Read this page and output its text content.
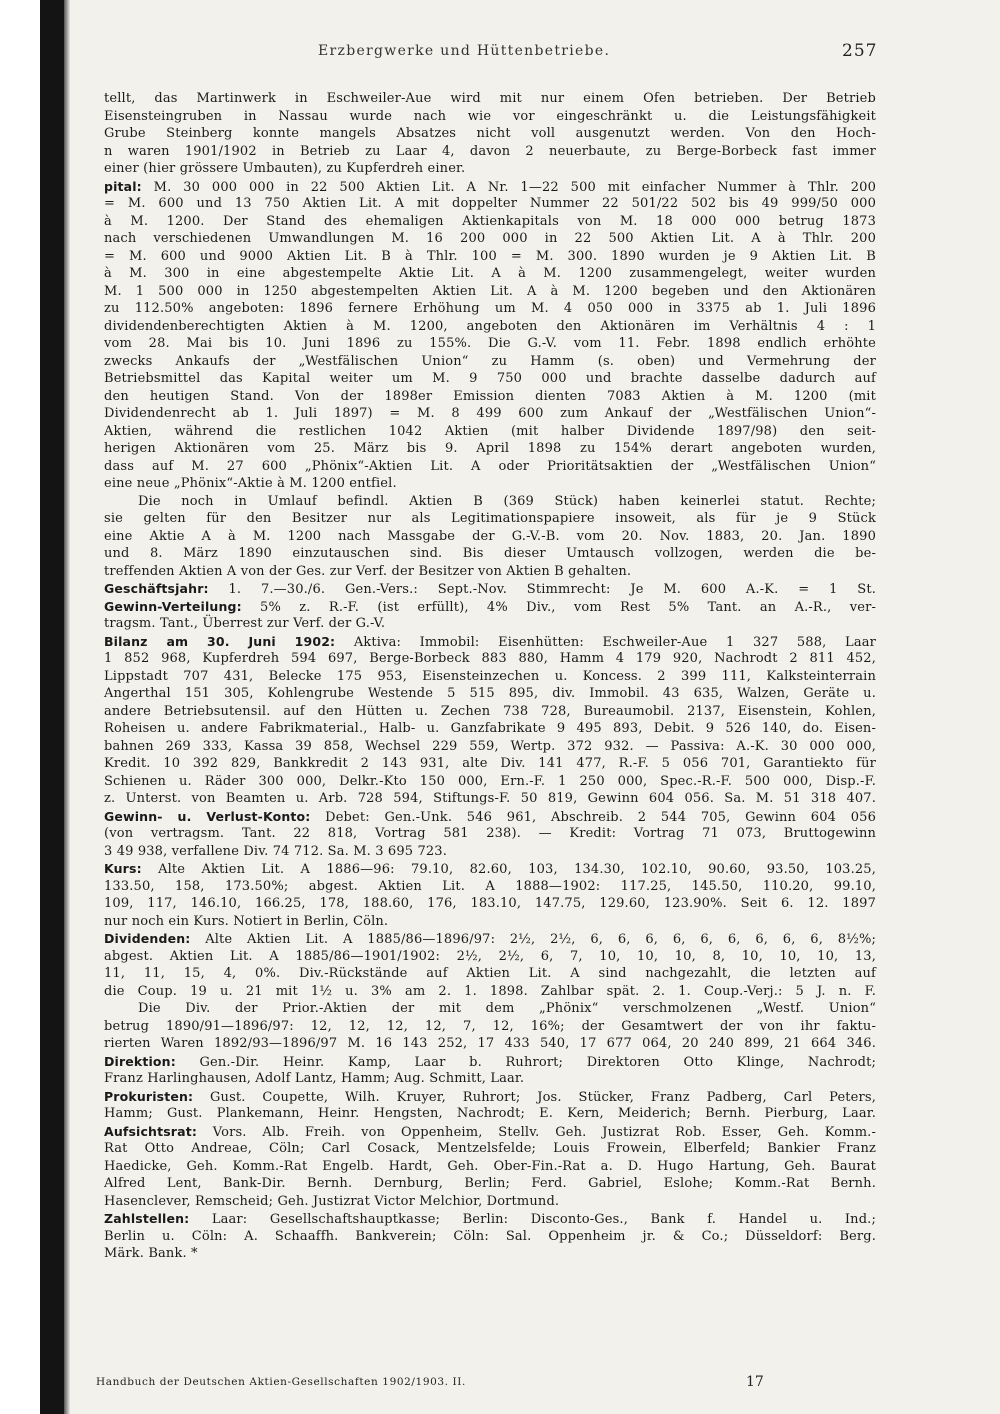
Erzbergwerke und Hüttenbetriebe.	257
tellt, das Martinwerk in Eschweiler-Aue wird mit nur einem Ofen betrieben. Der Betrieb
Eisensteingruben in Nassau wurde nach wie vor eingeschränkt u. die Leistungsfähigkeit
Grube Steinberg konnte mangels Absatzes nicht voll ausgenutzt werden. Von den Hoch-
n waren 1901/1902 in Betrieb zu Laar 4, davon 2 neuerbaute, zu Berge-Borbeck fast immer
einer (hier grössere Umbauten), zu Kupferdreh einer.
pital: M. 30 000 000 in 22 500 Aktien Lit. A Nr. 1—22 500 mit einfacher Nummer à Thlr. 200
= M. 600 und 13 750 Aktien Lit. A mit doppelter Nummer 22 501/22 502 bis 49 999/50 000
à M. 1200. Der Stand des ehemaligen Aktienkapitals von M. 18 000 000 betrug 1873
nach verschiedenen Umwandlungen M. 16 200 000 in 22 500 Aktien Lit. A à Thlr. 200
= M. 600 und 9000 Aktien Lit. B à Thlr. 100 = M. 300. 1890 wurden je 9 Aktien Lit. B
à M. 300 in eine abgestempelte Aktie Lit. A à M. 1200 zusammengelegt, weiter wurden
M. 1 500 000 in 1250 abgestempelten Aktien Lit. A à M. 1200 begeben und den Aktionären
zu 112.50% angeboten: 1896 fernere Erhöhung um M. 4 050 000 in 3375 ab 1. Juli 1896
dividendenberechtigten Aktien à M. 1200, angeboten den Aktionären im Verhältnis 4 : 1
vom 28. Mai bis 10. Juni 1896 zu 155%. Die G.-V. vom 11. Febr. 1898 endlich erhöhte
zwecks Ankaufs der „Westfälischen Union“ zu Hamm (s. oben) und Vermehrung der
Betriebsmittel das Kapital weiter um M. 9 750 000 und brachte dasselbe dadurch auf
den heutigen Stand. Von der 1898er Emission dienten 7083 Aktien à M. 1200 (mit
Dividendenrecht ab 1. Juli 1897) = M. 8 499 600 zum Ankauf der „Westfälischen Union“-
Aktien, während die restlichen 1042 Aktien (mit halber Dividende 1897/98) den seit-
herigen Aktionären vom 25. März bis 9. April 1898 zu 154% derart angeboten wurden,
dass auf M. 27 600 „Phönix“-Aktien Lit. A oder Prioritätsaktien der „Westfälischen Union“
eine neue „Phönix“-Aktie à M. 1200 entfiel.
Die noch in Umlauf befindl. Aktien B (369 Stück) haben keinerlei statut. Rechte;
sie gelten für den Besitzer nur als Legitimationspapiere insoweit, als für je 9 Stück
eine Aktie A à M. 1200 nach Massgabe der G.-V.-B. vom 20. Nov. 1883, 20. Jan. 1890
und 8. März 1890 einzutauschen sind. Bis dieser Umtausch vollzogen, werden die be-
treffenden Aktien A von der Ges. zur Verf. der Besitzer von Aktien B gehalten.
Geschäftsjahr: 1. 7.—30./6. Gen.-Vers.: Sept.-Nov. Stimmrecht: Je M. 600 A.-K. = 1 St.
Gewinn-Verteilung: 5% z. R.-F. (ist erfüllt), 4% Div., vom Rest 5% Tant. an A.-R., ver-
tragsm. Tant., Überrest zur Verf. der G.-V.
Bilanz am 30. Juni 1902: Aktiva: Immobil: Eisenhütten: Eschweiler-Aue 1 327 588, Laar
1 852 968, Kupferdreh 594 697, Berge-Borbeck 883 880, Hamm 4 179 920, Nachrodt 2 811 452,
Lippstadt 707 431, Belecke 175 953, Eisensteinzechen u. Koncess. 2 399 111, Kalksteinterrain
Angerthal 151 305, Kohlengrube Westende 5 515 895, div. Immobil. 43 635, Walzen, Geräte u.
andere Betriebsutensil. auf den Hütten u. Zechen 738 728, Bureaumobil. 2137, Eisenstein, Kohlen,
Roheisen u. andere Fabrikmaterial., Halb- u. Ganzfabrikate 9 495 893, Debit. 9 526 140, do. Eisen-
bahnen 269 333, Kassa 39 858, Wechsel 229 559, Wertp. 372 932. — Passiva: A.-K. 30 000 000,
Kredit. 10 392 829, Bankkredit 2 143 931, alte Div. 141 477, R.-F. 5 056 701, Garantiekto für
Schienen u. Räder 300 000, Delkr.-Kto 150 000, Ern.-F. 1 250 000, Spec.-R.-F. 500 000, Disp.-F.
z. Unterst. von Beamten u. Arb. 728 594, Stiftungs-F. 50 819, Gewinn 604 056. Sa. M. 51 318 407.
Gewinn- u. Verlust-Konto: Debet: Gen.-Unk. 546 961, Abschreib. 2 544 705, Gewinn 604 056
(von vertragsm. Tant. 22 818, Vortrag 581 238). — Kredit: Vortrag 71 073, Bruttogewinn
3 49 938, verfallene Div. 74 712. Sa. M. 3 695 723.
Kurs: Alte Aktien Lit. A 1886—96: 79.10, 82.60, 103, 134.30, 102.10, 90.60, 93.50, 103.25,
133.50, 158, 173.50%; abgest. Aktien Lit. A 1888—1902: 117.25, 145.50, 110.20, 99.10,
109, 117, 146.10, 166.25, 178, 188.60, 176, 183.10, 147.75, 129.60, 123.90%. Seit 6. 12. 1897
nur noch ein Kurs. Notiert in Berlin, Cöln.
Dividenden: Alte Aktien Lit. A 1885/86—1896/97: 2½, 2½, 6, 6, 6, 6, 6, 6, 6, 6, 6, 8½%;
abgest. Aktien Lit. A 1885/86—1901/1902: 2½, 2½, 6, 7, 10, 10, 10, 8, 10, 10, 10, 13,
11, 11, 15, 4, 0%. Div.-Rückstände auf Aktien Lit. A sind nachgezahlt, die letzten auf
die Coup. 19 u. 21 mit 1½ u. 3% am 2. 1. 1898. Zahlbar spät. 2. 1. Coup.-Verj.: 5 J. n. F.
Die Div. der Prior.-Aktien der mit dem „Phönix“ verschmolzenen „Westf. Union“
betrug 1890/91—1896/97: 12, 12, 12, 12, 7, 12, 16%; der Gesamtwert der von ihr faktu-
rierten Waren 1892/93—1896/97 M. 16 143 252, 17 433 540, 17 677 064, 20 240 899, 21 664 346.
Direktion: Gen.-Dir. Heinr. Kamp, Laar b. Ruhrort; Direktoren Otto Klinge, Nachrodt;
Franz Harlinghausen, Adolf Lantz, Hamm; Aug. Schmitt, Laar.
Prokuristen: Gust. Coupette, Wilh. Kruyer, Ruhrort; Jos. Stücker, Franz Padberg, Carl Peters,
Hamm; Gust. Plankemann, Heinr. Hengsten, Nachrodt; E. Kern, Meiderich; Bernh. Pierburg, Laar.
Aufsichtsrat: Vors. Alb. Freih. von Oppenheim, Stellv. Geh. Justizrat Rob. Esser, Geh. Komm.-
Rat Otto Andreae, Cöln; Carl Cosack, Mentzelsfelde; Louis Frowein, Elberfeld; Bankier Franz
Haedicke, Geh. Komm.-Rat Engelb. Hardt, Geh. Ober-Fin.-Rat a. D. Hugo Hartung, Geh. Baurat
Alfred Lent, Bank-Dir. Bernh. Dernburg, Berlin; Ferd. Gabriel, Eslohe; Komm.-Rat Bernh.
Hasenclever, Remscheid; Geh. Justizrat Victor Melchior, Dortmund.
Zahlstellen: Laar: Gesellschaftshauptkasse; Berlin: Disconto-Ges., Bank f. Handel u. Ind.;
Berlin u. Cöln: A. Schaaffh. Bankverein; Cöln: Sal. Oppenheim jr. & Co.; Düsseldorf: Berg.
Märk. Bank. *
Handbuch der Deutschen Aktien-Gesellschaften 1902/1903. II.	17
